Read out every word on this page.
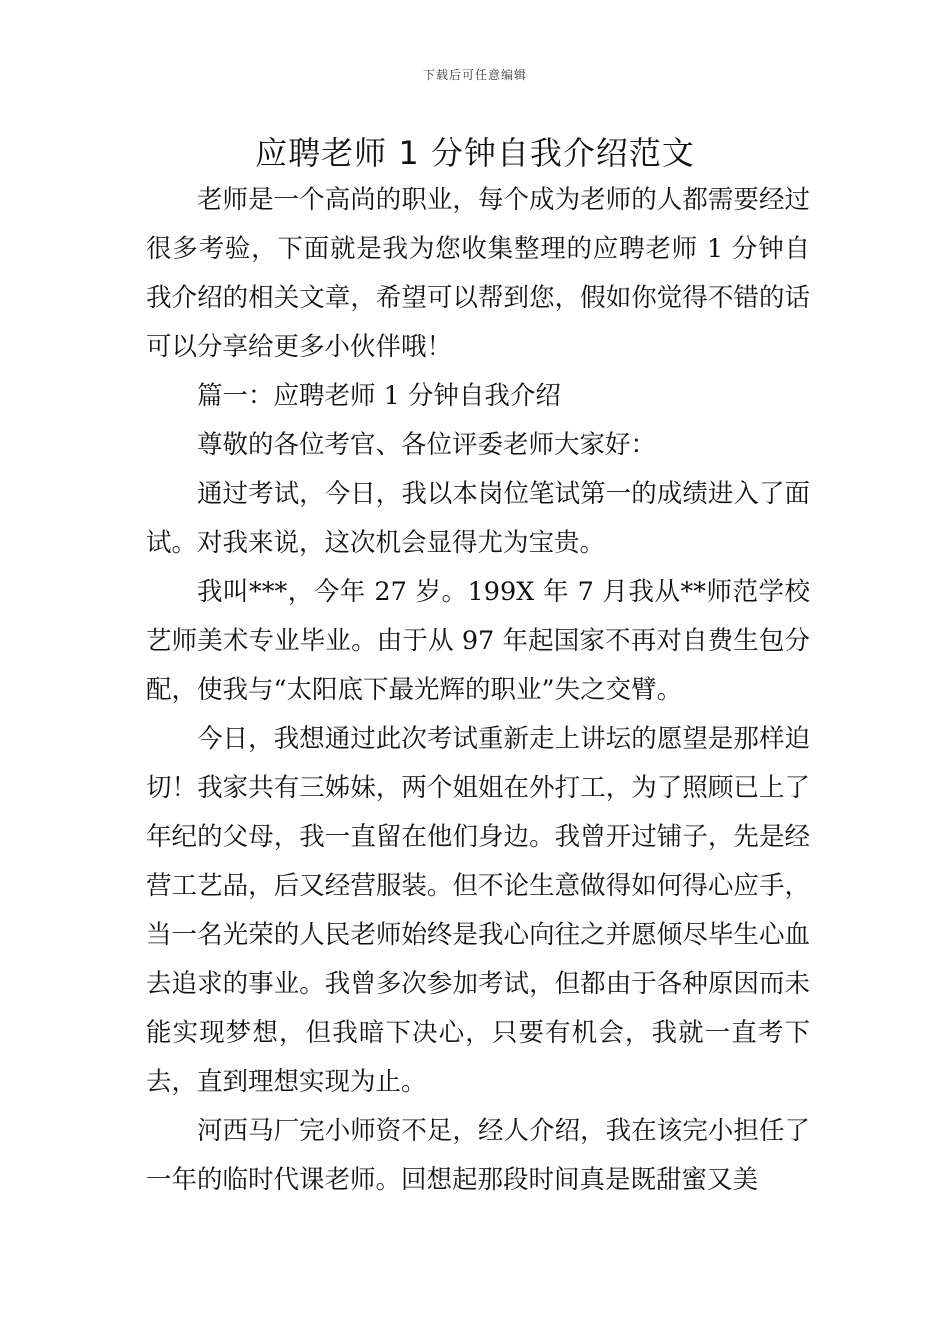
下载后可任意编辑
应聘老师 1 分钟自我介绍范文

老师是一个高尚的职业，每个成为老师的人都需要经过很多考验，下面就是我为您收集整理的应聘老师 1 分钟自我介绍的相关文章，希望可以帮到您，假如你觉得不错的话可以分享给更多小伙伴哦！

篇一：应聘老师 1 分钟自我介绍

尊敬的各位考官、各位评委老师大家好：

通过考试，今日，我以本岗位笔试第一的成绩进入了面试。对我来说，这次机会显得尤为宝贵。

我叫***，今年 27 岁。199X 年 7 月我从**师范学校艺师美术专业毕业。由于从 97 年起国家不再对自费生包分配，使我与“太阳底下最光辉的职业”失之交臂。

今日，我想通过此次考试重新走上讲坛的愿望是那样迫切！我家共有三姊妹，两个姐姐在外打工，为了照顾已上了年纪的父母，我一直留在他们身边。我曾开过铺子，先是经营工艺品，后又经营服装。但不论生意做得如何得心应手，当一名光荣的人民老师始终是我心向往之并愿倾尽毕生心血去追求的事业。我曾多次参加考试，但都由于各种原因而未能实现梦想，但我暗下决心，只要有机会，我就一直考下去，直到理想实现为止。

河西马厂完小师资不足，经人介绍，我在该完小担任了一年的临时代课老师。回想起那段时间真是既甜蜜又美
